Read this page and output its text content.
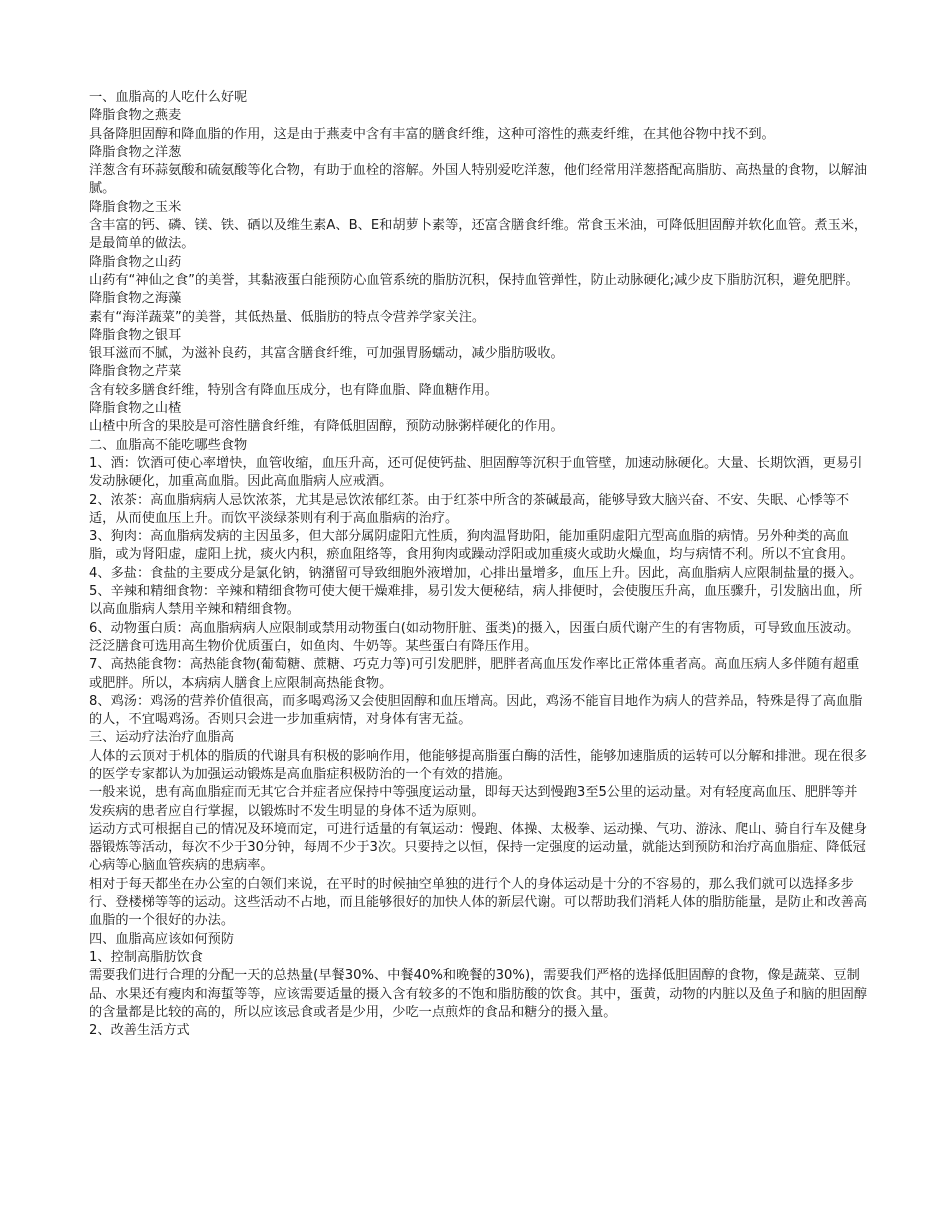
一、血脂高的人吃什么好呢

降脂食物之燕麦

具备降胆固醇和降血脂的作用，这是由于燕麦中含有丰富的膳食纤维，这种可溶性的燕麦纤维，在其他谷物中找不到。

降脂食物之洋葱

洋葱含有环蒜氨酸和硫氨酸等化合物，有助于血栓的溶解。外国人特别爱吃洋葱，他们经常用洋葱搭配高脂肪、高热量的食物，以解油腻。

降脂食物之玉米

含丰富的钙、磷、镁、铁、硒以及维生素A、B、E和胡萝卜素等，还富含膳食纤维。常食玉米油，可降低胆固醇并软化血管。煮玉米，是最简单的做法。

降脂食物之山药

山药有“神仙之食”的美誉，其黏液蛋白能预防心血管系统的脂肪沉积，保持血管弹性，防止动脉硬化;减少皮下脂肪沉积，避免肥胖。

降脂食物之海藻

素有“海洋蔬菜”的美誉，其低热量、低脂肪的特点令营养学家关注。

降脂食物之银耳

银耳滋而不腻，为滋补良药，其富含膳食纤维，可加强胃肠蠕动，减少脂肪吸收。

降脂食物之芹菜

含有较多膳食纤维，特别含有降血压成分，也有降血脂、降血糖作用。

降脂食物之山楂

山楂中所含的果胶是可溶性膳食纤维，有降低胆固醇，预防动脉粥样硬化的作用。

二、血脂高不能吃哪些食物

1、酒：饮酒可使心率增快，血管收缩，血压升高，还可促使钙盐、胆固醇等沉积于血管壁，加速动脉硬化。大量、长期饮酒，更易引发动脉硬化，加重高血脂。因此高血脂病人应戒酒。

2、浓茶：高血脂病病人忌饮浓茶，尤其是忌饮浓郁红茶。由于红茶中所含的茶碱最高，能够导致大脑兴奋、不安、失眠、心悸等不适，从而使血压上升。而饮平淡绿茶则有利于高血脂病的治疗。

3、狗肉：高血脂病发病的主因虽多，但大部分属阴虚阳亢性质，狗肉温肾助阳，能加重阴虚阳亢型高血脂的病情。另外种类的高血脂，或为肾阳虚，虚阳上扰，痰火内积，瘀血阻络等，食用狗肉或躁动浮阳或加重痰火或助火燥血，均与病情不利。所以不宜食用。

4、多盐：食盐的主要成分是氯化钠，钠潴留可导致细胞外液增加，心排出量增多，血压上升。因此，高血脂病人应限制盐量的摄入。

5、辛辣和精细食物：辛辣和精细食物可使大便干燥难排，易引发大便秘结，病人排便时，会使腹压升高，血压骤升，引发脑出血，所以高血脂病人禁用辛辣和精细食物。

6、动物蛋白质：高血脂病病人应限制或禁用动物蛋白(如动物肝脏、蛋类)的摄入，因蛋白质代谢产生的有害物质，可导致血压波动。泛泛膳食可选用高生物价优质蛋白，如鱼肉、牛奶等。某些蛋白有降压作用。

7、高热能食物：高热能食物(葡萄糖、蔗糖、巧克力等)可引发肥胖，肥胖者高血压发作率比正常体重者高。高血压病人多伴随有超重或肥胖。所以，本病病人膳食上应限制高热能食物。

8、鸡汤：鸡汤的营养价值很高，而多喝鸡汤又会使胆固醇和血压增高。因此，鸡汤不能盲目地作为病人的营养品，特殊是得了高血脂的人，不宜喝鸡汤。否则只会进一步加重病情，对身体有害无益。

三、运动疗法治疗血脂高

人体的云顶对于机体的脂质的代谢具有积极的影响作用，他能够提高脂蛋白酶的活性，能够加速脂质的运转可以分解和排泄。现在很多的医学专家都认为加强运动锻炼是高血脂症积极防治的一个有效的措施。

一般来说，患有高血脂症而无其它合并症者应保持中等强度运动量，即每天达到慢跑3至5公里的运动量。对有轻度高血压、肥胖等并发疾病的患者应自行掌握，以锻炼时不发生明显的身体不适为原则。

运动方式可根据自己的情况及环境而定，可进行适量的有氧运动：慢跑、体操、太极拳、运动操、气功、游泳、爬山、骑自行车及健身器锻炼等活动，每次不少于30分钟，每周不少于3次。只要持之以恒，保持一定强度的运动量，就能达到预防和治疗高血脂症、降低冠心病等心脑血管疾病的患病率。

相对于每天都坐在办公室的白领们来说，在平时的时候抽空单独的进行个人的身体运动是十分的不容易的，那么我们就可以选择多步行、登楼梯等等的运动。这些活动不占地，而且能够很好的加快人体的新层代谢。可以帮助我们消耗人体的脂肪能量，是防止和改善高血脂的一个很好的办法。

四、血脂高应该如何预防

1、控制高脂肪饮食

需要我们进行合理的分配一天的总热量(早餐30%、中餐40%和晚餐的30%)，需要我们严格的选择低胆固醇的食物，像是蔬菜、豆制品、水果还有瘦肉和海蜇等等，应该需要适量的摄入含有较多的不饱和脂肪酸的饮食。其中，蛋黄，动物的内脏以及鱼子和脑的胆固醇的含量都是比较的高的，所以应该忌食或者是少用，少吃一点煎炸的食品和糖分的摄入量。

2、改善生活方式
